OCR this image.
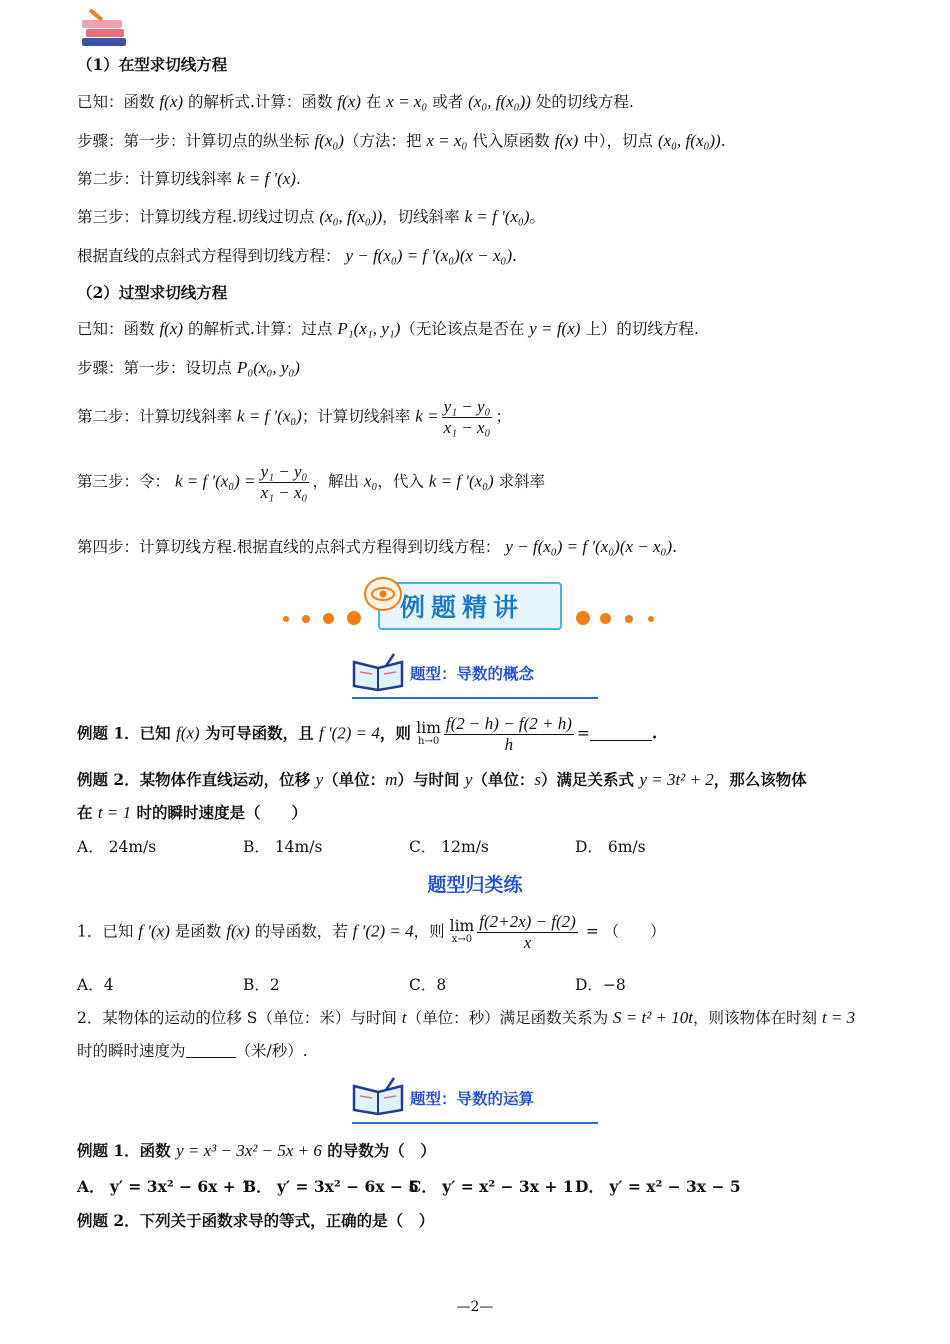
（1）在型求切线方程
已知：函数 f(x) 的解析式.计算：函数 f(x) 在 x = x₀ 或者 (x₀, f(x₀)) 处的切线方程.
步骤：第一步：计算切点的纵坐标 f(x₀)（方法：把 x = x₀ 代入原函数 f(x) 中），切点 (x₀, f(x₀)).
第二步：计算切线斜率 k = f '(x).
第三步：计算切线方程.切线过切点 (x₀, f(x₀))，切线斜率 k = f '(x₀)。
根据直线的点斜式方程得到切线方程： y − f(x₀) = f '(x₀)(x − x₀).
（2）过型求切线方程
已知：函数 f(x) 的解析式.计算：过点 P₁(x₁, y₁)（无论该点是否在 y = f(x) 上）的切线方程.
步骤：第一步：设切点 P₀(x₀, y₀)
第二步：计算切线斜率 k = f '(x₀)；计算切线斜率 $k = \frac{\text{y₁ − y₀}}{\text{x₁ − x₀}}$ ；
第三步：令： k = f '$(x_0) = \frac{\text{y₁ − y₀}}{\text{x₁ − x₀}}$ ，解出 x₀，代入 k = f '(x₀) 求斜率
第四步：计算切线方程.根据直线的点斜式方程得到切线方程： y − f(x₀) = f ′(x₀)(x − x₀).
例题精讲
题型：导数的概念
例题 1．已知 f(x) 为可导函数，且 f '(2) = 4，则 lim
$h\to 0 \frac{f(2 - h) - f(2 + h)}{h}$ =	.
例题 2．某物体作直线运动，位移 y（单位：m）与时间 y（单位：s）满足关系式 y = 3t² + 2，那么该物体
在 t = 1 时的瞬时速度是（　　）
A． 24m/s	B． 14m/s	C． 12m/s	D． 6m/s
题型归类练
1．已知 f ′(x) 是函数 f(x) 的导函数，若 f ′(2) = 4，则 lim
$x\to 0 \frac{f(2+2x) - f(2)}{x}$ = （　　）
A．4	B．2	C．8	D．−8
2．某物体的运动的位移 S（单位：米）与时间 t（单位：秒）满足函数关系为 S = t² + 10t，则该物体在时刻 t = 3
时的瞬时速度为	（米/秒）.
题型：导数的运算
例题 1．函数 y = x³ − 3x² − 5x + 6 的导数为（　）
A． y′ = 3x² − 6x + 1B． y′ = 3x² − 6x − 5C． y′ = x² − 3x + 1D． y′ = x² − 3x − 5
例题 2．下列关于函数求导的等式，正确的是（　）
—2—
